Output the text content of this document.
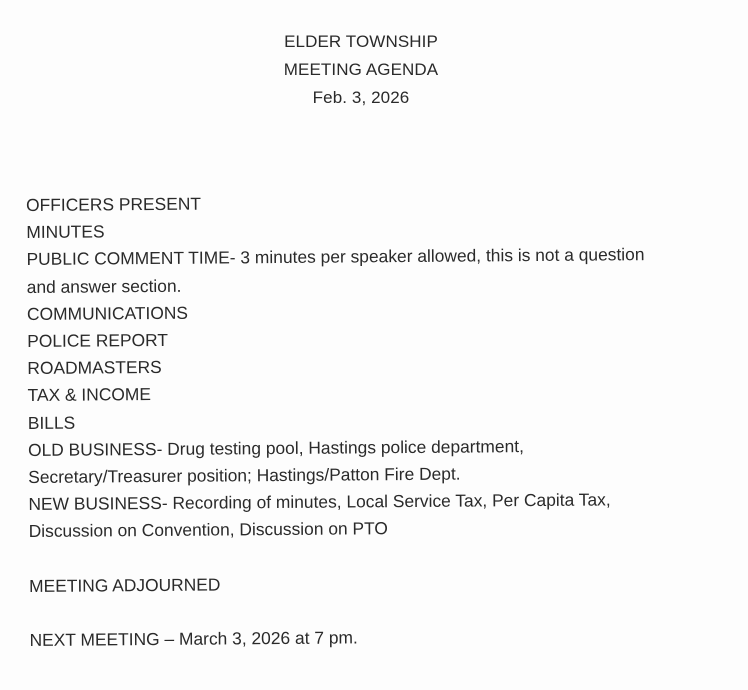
ELDER TOWNSHIP
MEETING AGENDA
Feb. 3, 2026
OFFICERS PRESENT
MINUTES
PUBLIC COMMENT TIME- 3 minutes per speaker allowed, this is not a question
and answer section.
COMMUNICATIONS
POLICE REPORT
ROADMASTERS
TAX & INCOME
BILLS
OLD BUSINESS- Drug testing pool, Hastings police department,
Secretary/Treasurer position; Hastings/Patton Fire Dept.
NEW BUSINESS- Recording of minutes, Local Service Tax, Per Capita Tax,
Discussion on Convention, Discussion on PTO
MEETING ADJOURNED
NEXT MEETING – March 3, 2026 at 7 pm.
